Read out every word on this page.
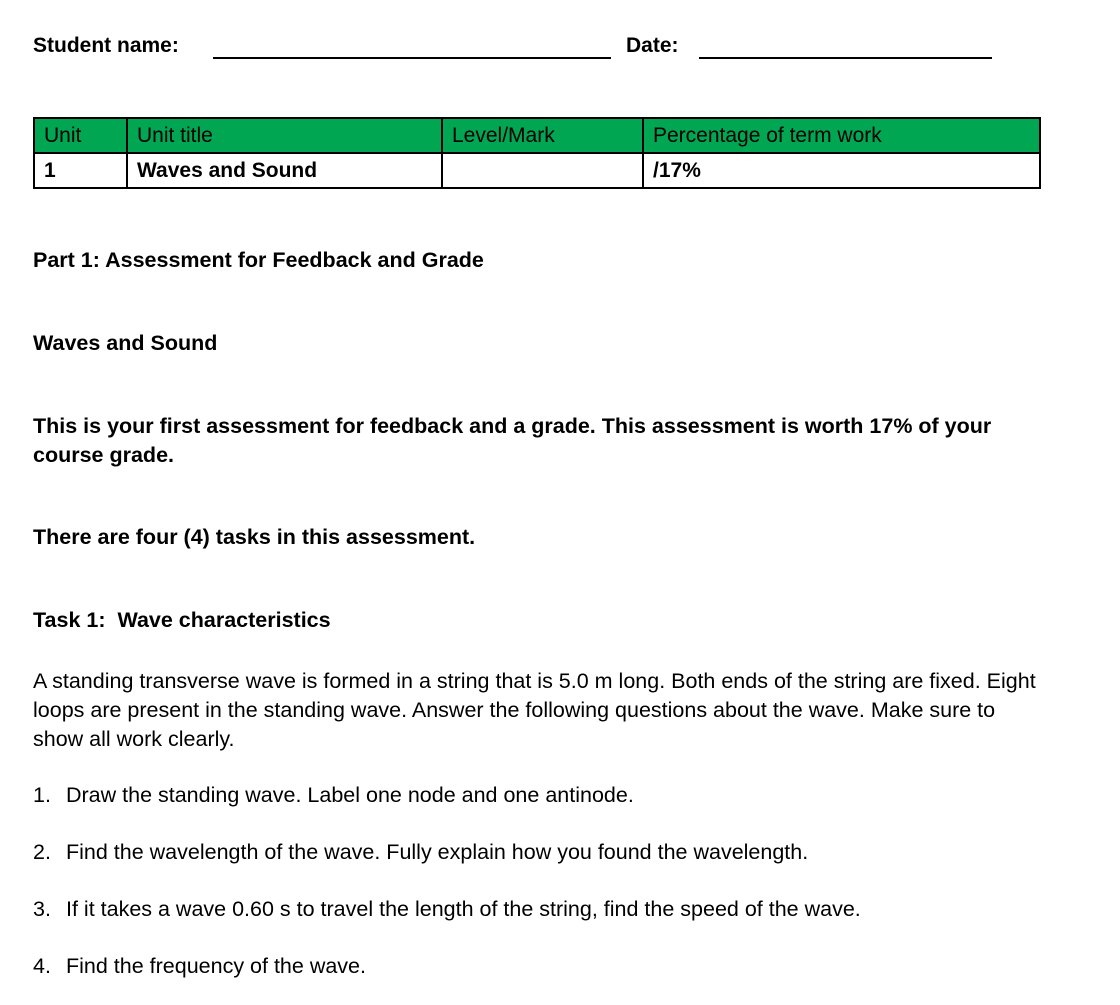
Student name:	Date:
Unit	Unit title	Level/Mark	Percentage of term work
1	Waves and Sound		/17%
Part 1: Assessment for Feedback and Grade
Waves and Sound
This is your first assessment for feedback and a grade. This assessment is worth 17% of your course grade.
There are four (4) tasks in this assessment.
Task 1:  Wave characteristics
A standing transverse wave is formed in a string that is 5.0 m long. Both ends of the string are fixed. Eight loops are present in the standing wave. Answer the following questions about the wave. Make sure to show all work clearly.
1. Draw the standing wave. Label one node and one antinode.
2. Find the wavelength of the wave. Fully explain how you found the wavelength.
3. If it takes a wave 0.60 s to travel the length of the string, find the speed of the wave.
4. Find the frequency of the wave.
